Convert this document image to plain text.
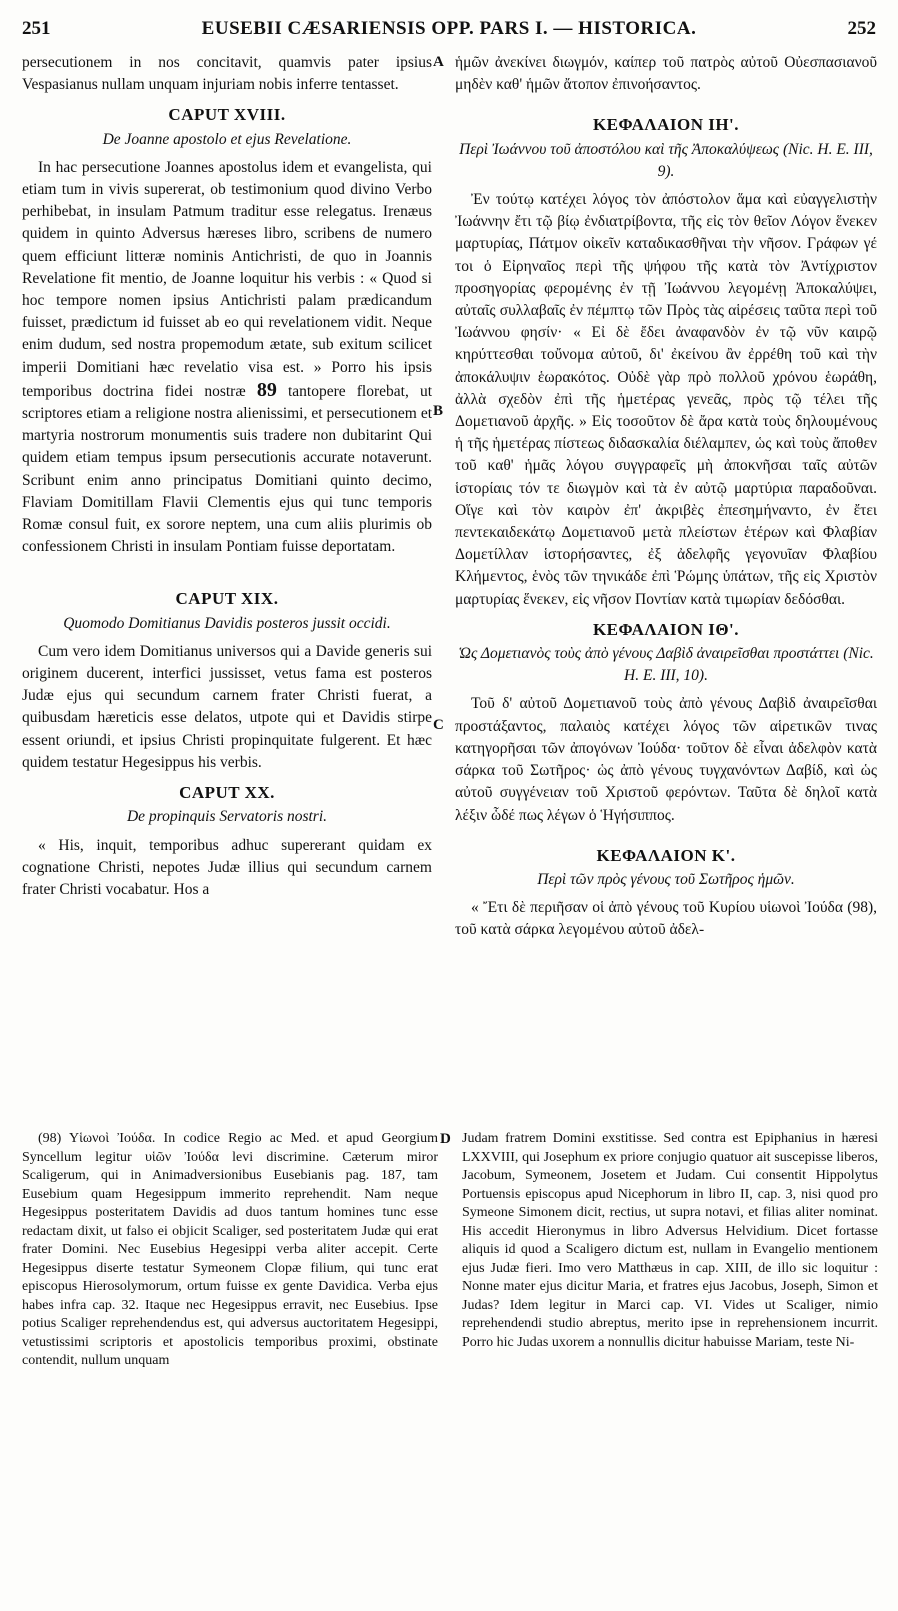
251	EUSEBII CÆSARIENSIS OPP. PARS I. — HISTORICA.	252
A
B
C
D

persecutionem in nos concitavit, quamvis pater ipsius Vespasianus nullam unquam injuriam nobis inferre tentasset.

CAPUT XVIII.
De Joanne apostolo et ejus Revelatione.

In hac persecutione Joannes apostolus idem et evangelista, qui etiam tum in vivis supererat, ob testimonium quod divino Verbo perhibebat, in insulam Patmum traditur esse relegatus. Irenæus quidem in quinto Adversus hæreses libro, scribens de numero quem efficiunt litteræ nominis Antichristi, de quo in Joannis Revelatione fit mentio, de Joanne loquitur his verbis : « Quod si hoc tempore nomen ipsius Antichristi palam prædicandum fuisset, prædictum id fuisset ab eo qui revelationem vidit. Neque enim dudum, sed nostra propemodum ætate, sub exitum scilicet imperii Domitiani hæc revelatio visa est. » Porro his ipsis temporibus doctrina fidei nostræ 89 tantopere florebat, ut scriptores etiam a religione nostra alienissimi, et persecutionem et martyria nostrorum monumentis suis tradere non dubitarint Qui quidem etiam tempus ipsum persecutionis accurate notaverunt. Scribunt enim anno principatus Domitiani quinto decimo, Flaviam Domitillam Flavii Clementis ejus qui tunc temporis Romæ consul fuit, ex sorore neptem, una cum aliis plurimis ob confessionem Christi in insulam Pontiam fuisse deportatam.

CAPUT XIX.
Quomodo Domitianus Davidis posteros jussit occidi.

Cum vero idem Domitianus universos qui a Davide generis sui originem ducerent, interfici jussisset, vetus fama est posteros Judæ ejus qui secundum carnem frater Christi fuerat, a quibusdam hæreticis esse delatos, utpote qui et Davidis stirpe essent oriundi, et ipsius Christi propinquitate fulgerent. Et hæc quidem testatur Hegesippus his verbis.

CAPUT XX.
De propinquis Servatoris nostri.

« His, inquit, temporibus adhuc supererant quidam ex cognatione Christi, nepotes Judæ illius qui secundum carnem frater Christi vocabatur. Hos a

ἡμῶν ἀνεκίνει διωγμόν, καίπερ τοῦ πατρὸς αὐτοῦ Οὐεσπασιανοῦ μηδὲν καθ' ἡμῶν ἄτοπον ἐπινοήσαντος.

ΚΕΦΑΛΑΙΟΝ ΙΗ'.
Περὶ Ἰωάννου τοῦ ἀποστόλου καὶ τῆς Ἀποκαλύψεως (Nic. H. E. III, 9).

Ἐν τούτῳ κατέχει λόγος τὸν ἀπόστολον ἅμα καὶ εὐαγγελιστὴν Ἰωάννην ἔτι τῷ βίῳ ἐνδιατρίβοντα, τῆς εἰς τὸν θεῖον Λόγον ἕνεκεν μαρτυρίας, Πάτμον οἰκεῖν καταδικασθῆναι τὴν νῆσον. Γράφων γέ τοι ὁ Εἰρηναῖος περὶ τῆς ψήφου τῆς κατὰ τὸν Ἀντίχριστον προσηγορίας φερομένης ἐν τῇ Ἰωάννου λεγομένῃ Ἀποκαλύψει, αὐταῖς συλλαβαῖς ἐν πέμπτῳ τῶν Πρὸς τὰς αἱρέσεις ταῦτα περὶ τοῦ Ἰωάννου φησίν· « Εἰ δὲ ἔδει ἀναφανδὸν ἐν τῷ νῦν καιρῷ κηρύττεσθαι τοὔνομα αὐτοῦ, δι' ἐκείνου ἂν ἐρρέθη τοῦ καὶ τὴν ἀποκάλυψιν ἑωρακότος. Οὐδὲ γὰρ πρὸ πολλοῦ χρόνου ἑωράθη, ἀλλὰ σχεδὸν ἐπὶ τῆς ἡμετέρας γενεᾶς, πρὸς τῷ τέλει τῆς Δομετιανοῦ ἀρχῆς. » Εἰς τοσοῦτον δὲ ἄρα κατὰ τοὺς δηλουμένους ἡ τῆς ἡμετέρας πίστεως διδασκαλία διέλαμπεν, ὡς καὶ τοὺς ἄποθεν τοῦ καθ' ἡμᾶς λόγου συγγραφεῖς μὴ ἀποκνῆσαι ταῖς αὐτῶν ἱστορίαις τόν τε διωγμὸν καὶ τὰ ἐν αὐτῷ μαρτύρια παραδοῦναι. Οἵγε καὶ τὸν καιρὸν ἐπ' ἀκριβὲς ἐπεσημήναντο, ἐν ἔτει πεντεκαιδεκάτῳ Δομετιανοῦ μετὰ πλείστων ἑτέρων καὶ Φλαβίαν Δομετίλλαν ἱστορήσαντες, ἐξ ἀδελφῆς γεγονυῖαν Φλαβίου Κλήμεντος, ἑνὸς τῶν τηνικάδε ἐπὶ Ῥώμης ὑπάτων, τῆς εἰς Χριστὸν μαρτυρίας ἕνεκεν, εἰς νῆσον Ποντίαν κατὰ τιμωρίαν δεδόσθαι.

ΚΕΦΑΛΑΙΟΝ ΙΘ'.
Ὡς Δομετιανὸς τοὺς ἀπὸ γένους Δαβὶδ ἀναιρεῖσθαι προστάττει (Nic. H. E. III, 10).

Τοῦ δ' αὐτοῦ Δομετιανοῦ τοὺς ἀπὸ γένους Δαβὶδ ἀναιρεῖσθαι προστάξαντος, παλαιὸς κατέχει λόγος τῶν αἱρετικῶν τινας κατηγορῆσαι τῶν ἀπογόνων Ἰούδα· τοῦτον δὲ εἶναι ἀδελφὸν κατὰ σάρκα τοῦ Σωτῆρος· ὡς ἀπὸ γένους τυγχανόντων Δαβίδ, καὶ ὡς αὐτοῦ συγγένειαν τοῦ Χριστοῦ φερόντων. Ταῦτα δὲ δηλοῖ κατὰ λέξιν ὧδέ πως λέγων ὁ Ἡγήσιππος.

ΚΕΦΑΛΑΙΟΝ Κ'.
Περὶ τῶν πρὸς γένους τοῦ Σωτῆρος ἡμῶν.

« Ἔτι δὲ περιῆσαν οἱ ἀπὸ γένους τοῦ Κυρίου υἱωνοὶ Ἰούδα (98), τοῦ κατὰ σάρκα λεγομένου αὐτοῦ ἀδελ-

(98) Υἱωνοὶ Ἰούδα. In codice Regio ac Med. et apud Georgium Syncellum legitur υἱῶν Ἰούδα levi discrimine. Cæterum miror Scaligerum, qui in Animadversionibus Eusebianis pag. 187, tam Eusebium quam Hegesippum immerito reprehendit. Nam neque Hegesippus posteritatem Davidis ad duos tantum homines tunc esse redactam dixit, ut falso ei objicit Scaliger, sed posteritatem Judæ qui erat frater Domini. Nec Eusebius Hegesippi verba aliter accepit. Certe Hegesippus diserte testatur Symeonem Clopæ filium, qui tunc erat episcopus Hierosolymorum, ortum fuisse ex gente Davidica. Verba ejus habes infra cap. 32. Itaque nec Hegesippus erravit, nec Eusebius. Ipse potius Scaliger reprehendendus est, qui adversus auctoritatem Hegesippi, vetustissimi scriptoris et apostolicis temporibus proximi, obstinate contendit, nullum unquam

Judam fratrem Domini exstitisse. Sed contra est Epiphanius in hæresi LXXVIII, qui Josephum ex priore conjugio quatuor ait suscepisse liberos, Jacobum, Symeonem, Josetem et Judam. Cui consentit Hippolytus Portuensis episcopus apud Nicephorum in libro II, cap. 3, nisi quod pro Symeone Simonem dicit, rectius, ut supra notavi, et filias aliter nominat. His accedit Hieronymus in libro Adversus Helvidium. Dicet fortasse aliquis id quod a Scaligero dictum est, nullam in Evangelio mentionem ejus Judæ fieri. Imo vero Matthæus in cap. XIII, de illo sic loquitur : Nonne mater ejus dicitur Maria, et fratres ejus Jacobus, Joseph, Simon et Judas? Idem legitur in Marci cap. VI. Vides ut Scaliger, nimio reprehendendi studio abreptus, merito ipse in reprehensionem incurrit. Porro hic Judas uxorem a nonnullis dicitur habuisse Mariam, teste Ni-
